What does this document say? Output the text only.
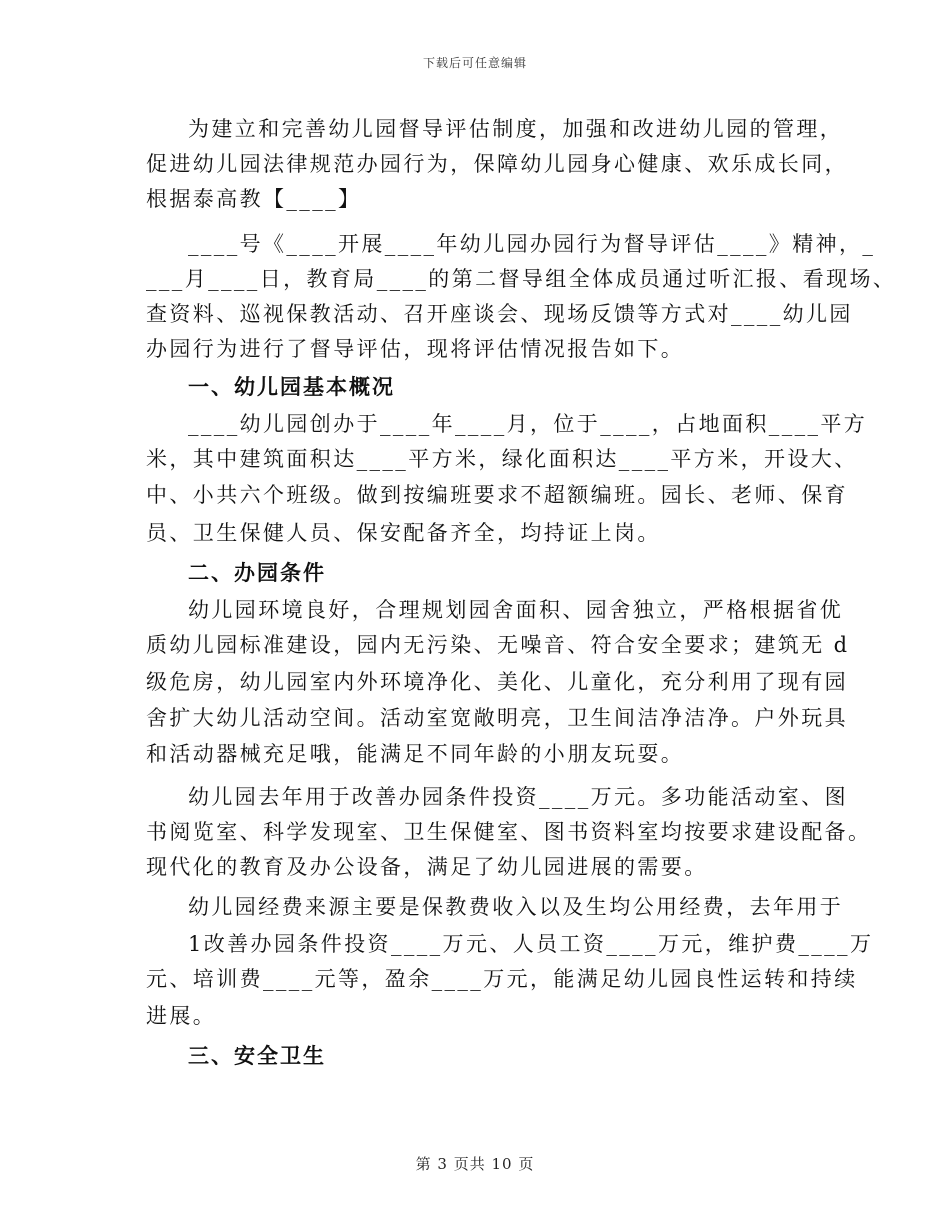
下载后可任意编辑
为建立和完善幼儿园督导评估制度，加强和改进幼儿园的管理，
促进幼儿园法律规范办园行为，保障幼儿园身心健康、欢乐成长同，
根据泰高教【____】
____号《____开展____年幼儿园办园行为督导评估____》精神，_
___月____日，教育局____的第二督导组全体成员通过听汇报、看现场、
查资料、巡视保教活动、召开座谈会、现场反馈等方式对____幼儿园
办园行为进行了督导评估，现将评估情况报告如下。
一、幼儿园基本概况
____幼儿园创办于____年____月，位于____，占地面积____平方
米，其中建筑面积达____平方米，绿化面积达____平方米，开设大、
中、小共六个班级。做到按编班要求不超额编班。园长、老师、保育
员、卫生保健人员、保安配备齐全，均持证上岗。
二、办园条件
幼儿园环境良好，合理规划园舍面积、园舍独立，严格根据省优
质幼儿园标准建设，园内无污染、无噪音、符合安全要求；建筑无 d
级危房，幼儿园室内外环境净化、美化、儿童化，充分利用了现有园
舍扩大幼儿活动空间。活动室宽敞明亮，卫生间洁净洁净。户外玩具
和活动器械充足哦，能满足不同年龄的小朋友玩耍。
幼儿园去年用于改善办园条件投资____万元。多功能活动室、图
书阅览室、科学发现室、卫生保健室、图书资料室均按要求建设配备。
现代化的教育及办公设备，满足了幼儿园进展的需要。
幼儿园经费来源主要是保教费收入以及生均公用经费，去年用于
1改善办园条件投资____万元、人员工资____万元，维护费____万
元、培训费____元等，盈余____万元，能满足幼儿园良性运转和持续
进展。
三、安全卫生
第 3 页共 10 页
